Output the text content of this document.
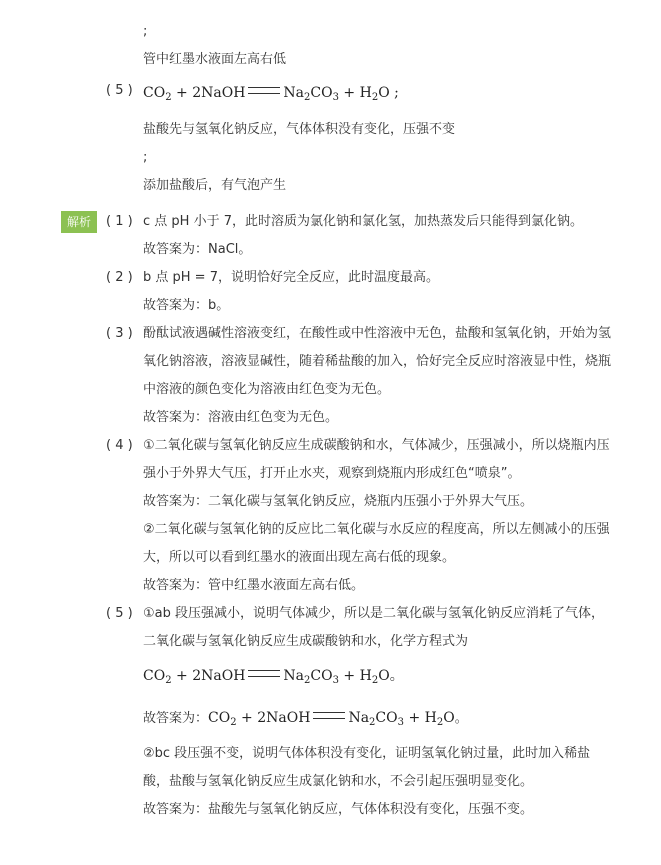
;
管中红墨水液面左高右低
( 5 ) $CO_2$ + 2NaOH	$Na_2CO_3 + H_2O$ ;
盐酸先与氢氧化钠反应，气体体积没有变化，压强不变
;
添加盐酸后，有气泡产生
解析	( 1 ) c 点 pH 小于 7，此时溶质为氯化钠和氯化氢，加热蒸发后只能得到氯化钠。
故答案为：NaCl。
( 2 ) b 点 pH = 7，说明恰好完全反应，此时温度最高。
故答案为：b。
( 3 ) 酚酞试液遇碱性溶液变红，在酸性或中性溶液中无色，盐酸和氢氧化钠，开始为氢氧化钠溶液，溶液显碱性，随着稀盐酸的加入，恰好完全反应时溶液显中性，烧瓶中溶液的颜色变化为溶液由红色变为无色。
故答案为：溶液由红色变为无色。
( 4 ) ①二氧化碳与氢氧化钠反应生成碳酸钠和水，气体减少，压强减小，所以烧瓶内压强小于外界大气压，打开止水夹，观察到烧瓶内形成红色“喷泉”。
故答案为：二氧化碳与氢氧化钠反应，烧瓶内压强小于外界大气压。
②二氧化碳与氢氧化钠的反应比二氧化碳与水反应的程度高，所以左侧减小的压强大，所以可以看到红墨水的液面出现左高右低的现象。
故答案为：管中红墨水液面左高右低。
( 5 ) ①ab 段压强减小，说明气体减少，所以是二氧化碳与氢氧化钠反应消耗了气体，二氧化碳与氢氧化钠反应生成碳酸钠和水，化学方程式为
$CO_2$ + 2NaOH	$Na_2CO_3 + H_2O$。
故答案为：$CO_2$ + 2NaOH	$Na_2CO_3 + H_2O$。
②bc 段压强不变，说明气体体积没有变化，证明氢氧化钠过量，此时加入稀盐酸，盐酸与氢氧化钠反应生成氯化钠和水，不会引起压强明显变化。
故答案为：盐酸先与氢氧化钠反应，气体体积没有变化，压强不变。
